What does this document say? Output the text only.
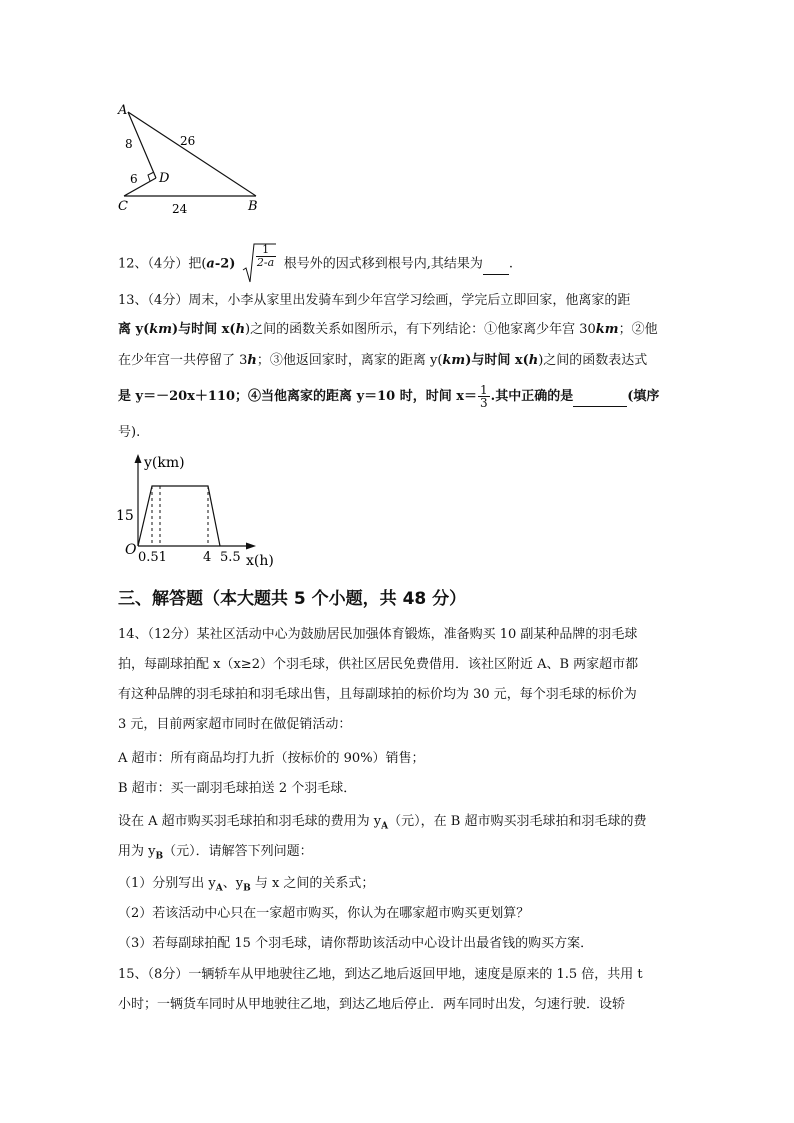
A
B
C
D
8
6
26
24
12、（4分）把$(a-2) \frac{1}{2-a}$ 根号外的因式移到根号内,其结果为 .
13、（4分）周末，小李从家里出发骑车到少年宫学习绘画，学完后立即回家，他离家的距
离 y(km)与时间 x(h)之间的函数关系如图所示，有下列结论：①他家离少年宫 30km；②他
在少年宫一共停留了 3h；③他返回家时，离家的距离 y(km)与时间 x(h)之间的函数表达式
是 y＝－20x＋110；④当他离家的距离 y＝10 时，时间 $x= \frac{1}{3}$ .其中正确的是	(填序
号).
y(km)
x(h)
O
15
0.51	4 5.5
三、解答题（本大题共 5 个小题，共 48 分）
14、（12分）某社区活动中心为鼓励居民加强体育锻炼，准备购买 10 副某种品牌的羽毛球
拍，每副球拍配 x（x≥2）个羽毛球，供社区居民免费借用．该社区附近 A、B 两家超市都
有这种品牌的羽毛球拍和羽毛球出售，且每副球拍的标价均为 30 元，每个羽毛球的标价为
3 元，目前两家超市同时在做促销活动：
A 超市：所有商品均打九折（按标价的 90%）销售；
B 超市：买一副羽毛球拍送 2 个羽毛球．
设在 A 超市购买羽毛球拍和羽毛球的费用为 $y_A$（元），在 B 超市购买羽毛球拍和羽毛球的费
用为 $y_B$（元）．请解答下列问题：
（1）分别写出 $y_A$、$y_B$ 与 x 之间的关系式；
（2）若该活动中心只在一家超市购买，你认为在哪家超市购买更划算？
（3）若每副球拍配 15 个羽毛球，请你帮助该活动中心设计出最省钱的购买方案．
15、（8分）一辆轿车从甲地驶往乙地，到达乙地后返回甲地，速度是原来的 1.5 倍，共用 t
小时；一辆货车同时从甲地驶往乙地，到达乙地后停止．两车同时出发，匀速行驶．设轿
